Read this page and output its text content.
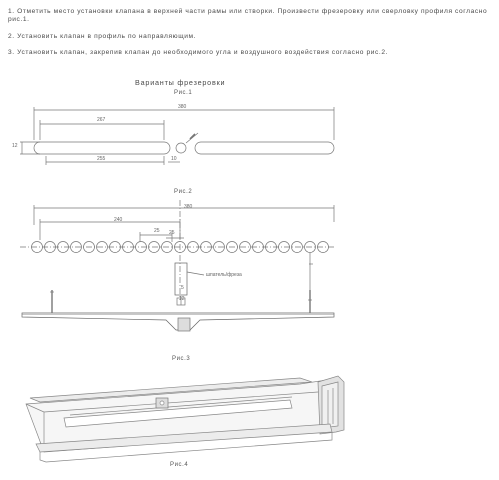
1. Отметить место установки клапана в верхней части рамы или створки. Произвести фрезеровку или сверловку профиля согласно рис.1.
2. Установить клапан в профиль по направляющим.
3. Установить клапан, закрепив клапан до необходимого угла и воздушного воздействия согласно рис.2.
Варианты фрезеровки
Рис.1
Рис.2
Рис.3
Рис.4
380
267
255
12
10
380
240
25 25
5
12
шпатель/фреза
